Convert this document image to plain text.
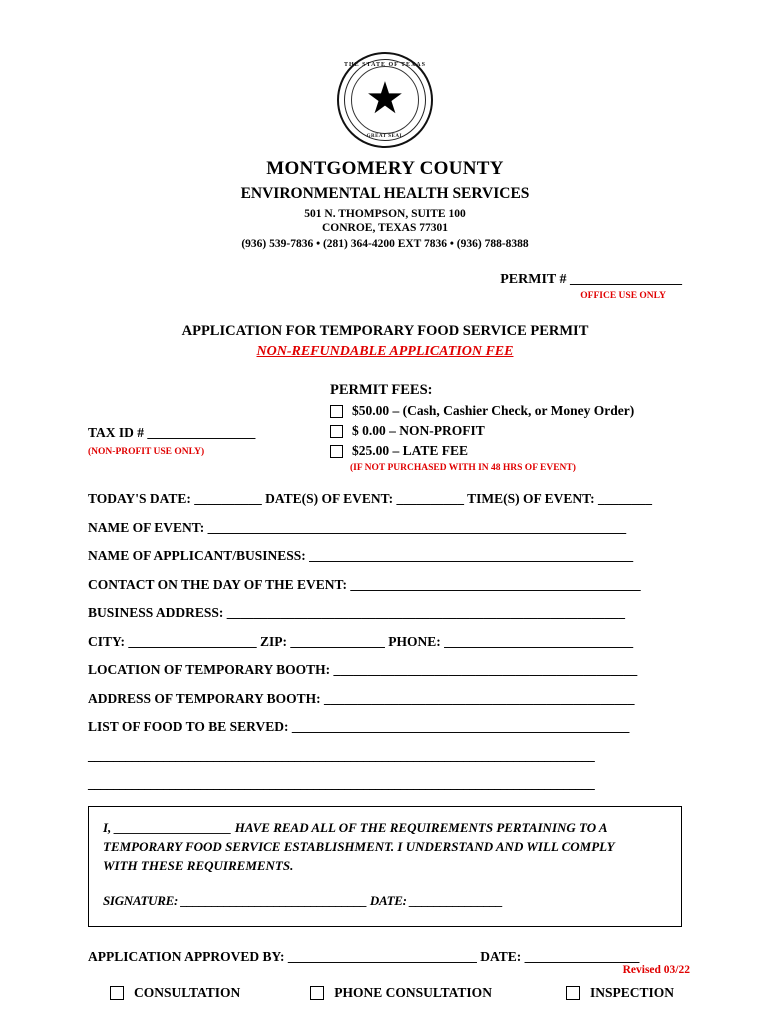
THE STATE OF TEXAS
★
GREAT SEAL
MONTGOMERY COUNTY
ENVIRONMENTAL HEALTH SERVICES
501 N. THOMPSON, SUITE 100
CONROE, TEXAS 77301
(936) 539-7836 • (281) 364-4200 EXT 7836 • (936) 788-8388
PERMIT # ________________
OFFICE USE ONLY
APPLICATION FOR TEMPORARY FOOD SERVICE PERMIT
NON-REFUNDABLE APPLICATION FEE
PERMIT FEES:
TAX ID # ________________
(NON-PROFIT USE ONLY)
$50.00 – (Cash, Cashier Check, or Money Order)
$ 0.00 – NON-PROFIT
$25.00 – LATE FEE
(IF NOT PURCHASED WITH IN 48 HRS OF EVENT)
TODAY'S DATE: __________ DATE(S) OF EVENT: __________ TIME(S) OF EVENT: ________
NAME OF EVENT: ______________________________________________________________
NAME OF APPLICANT/BUSINESS: ________________________________________________
CONTACT ON THE DAY OF THE EVENT: ___________________________________________
BUSINESS ADDRESS: ___________________________________________________________
CITY: ___________________ ZIP: ______________ PHONE: ____________________________
LOCATION OF TEMPORARY BOOTH: _____________________________________________
ADDRESS OF TEMPORARY BOOTH: ______________________________________________
LIST OF FOOD TO BE SERVED: __________________________________________________
_________________________________________________________________________________
_________________________________________________________________________________
I, __________________ HAVE READ ALL OF THE REQUIREMENTS PERTAINING TO A
TEMPORARY FOOD SERVICE ESTABLISHMENT. I UNDERSTAND AND WILL COMPLY
WITH THESE REQUIREMENTS.
SIGNATURE: ______________________________ DATE: _______________
APPLICATION APPROVED BY: ____________________________ DATE: _________________
CONSULTATION	PHONE CONSULTATION	INSPECTION
Revised 03/22
